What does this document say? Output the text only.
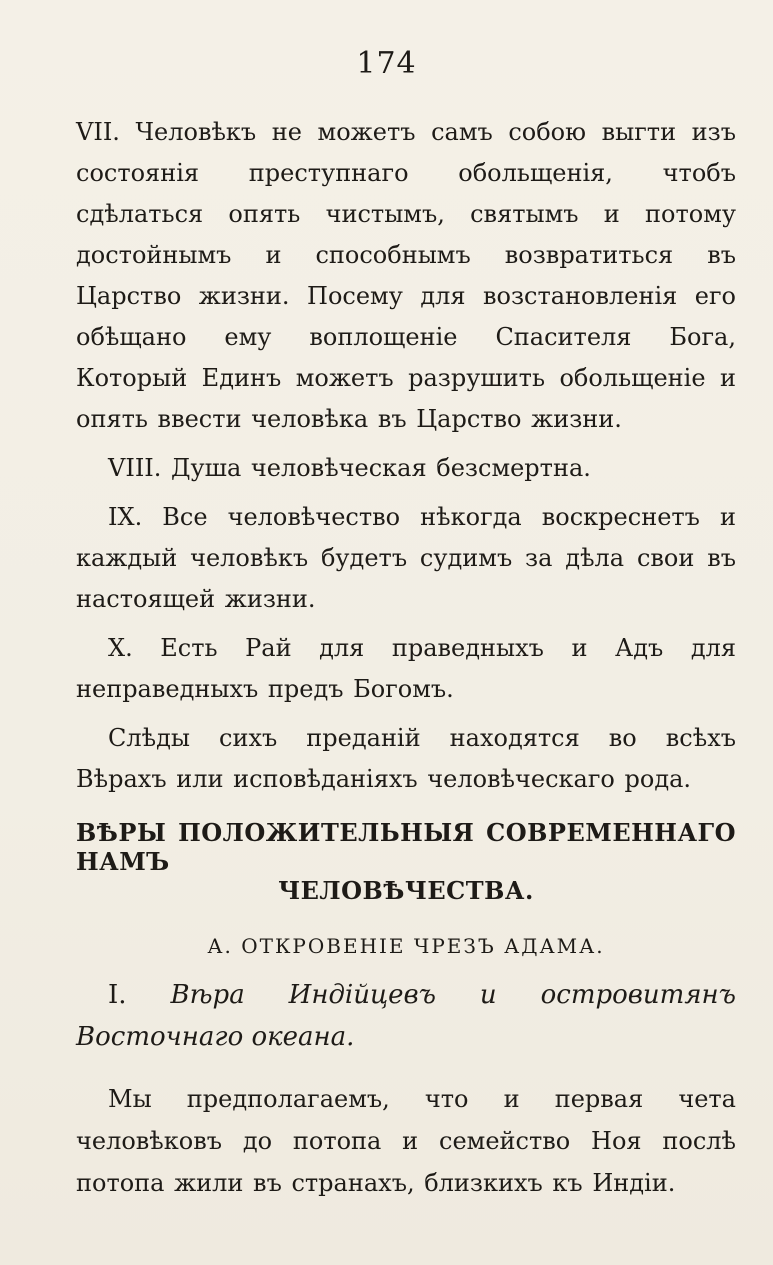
174

VII. Человѣкъ не можетъ самъ собою выгти изъ состоянія преступнаго обольщенія, чтобъ сдѣлаться опять чистымъ, святымъ и потому достойнымъ и способнымъ возвратиться въ Царство жизни. Посему для возстановленія его обѣщано ему воплощеніе Спасителя Бога, Который Единъ можетъ разрушить обольщеніе и опять ввести человѣка въ Царство жизни.

VIII. Душа человѣческая безсмертна.

IX. Все человѣчество нѣкогда воскреснетъ и каждый человѣкъ будетъ судимъ за дѣла свои въ настоящей жизни.

X. Есть Рай для праведныхъ и Адъ для неправедныхъ предъ Богомъ.

Слѣды сихъ преданій находятся во всѣхъ Вѣрахъ или исповѣданіяхъ человѣческаго рода.

ВѢРЫ ПОЛОЖИТЕЛЬНЫЯ СОВРЕМЕННАГО НАМЪ
ЧЕЛОВѢЧЕСТВА.
А. ОТКРОВЕНІЕ ЧРЕЗЪ АДАМА.
I. Вѣра Индійцевъ и островитянъ Восточнаго океана.

Мы предполагаемъ, что и первая чета человѣковъ до потопа и семейство Ноя послѣ потопа жили въ странахъ, близкихъ къ Индіи.
